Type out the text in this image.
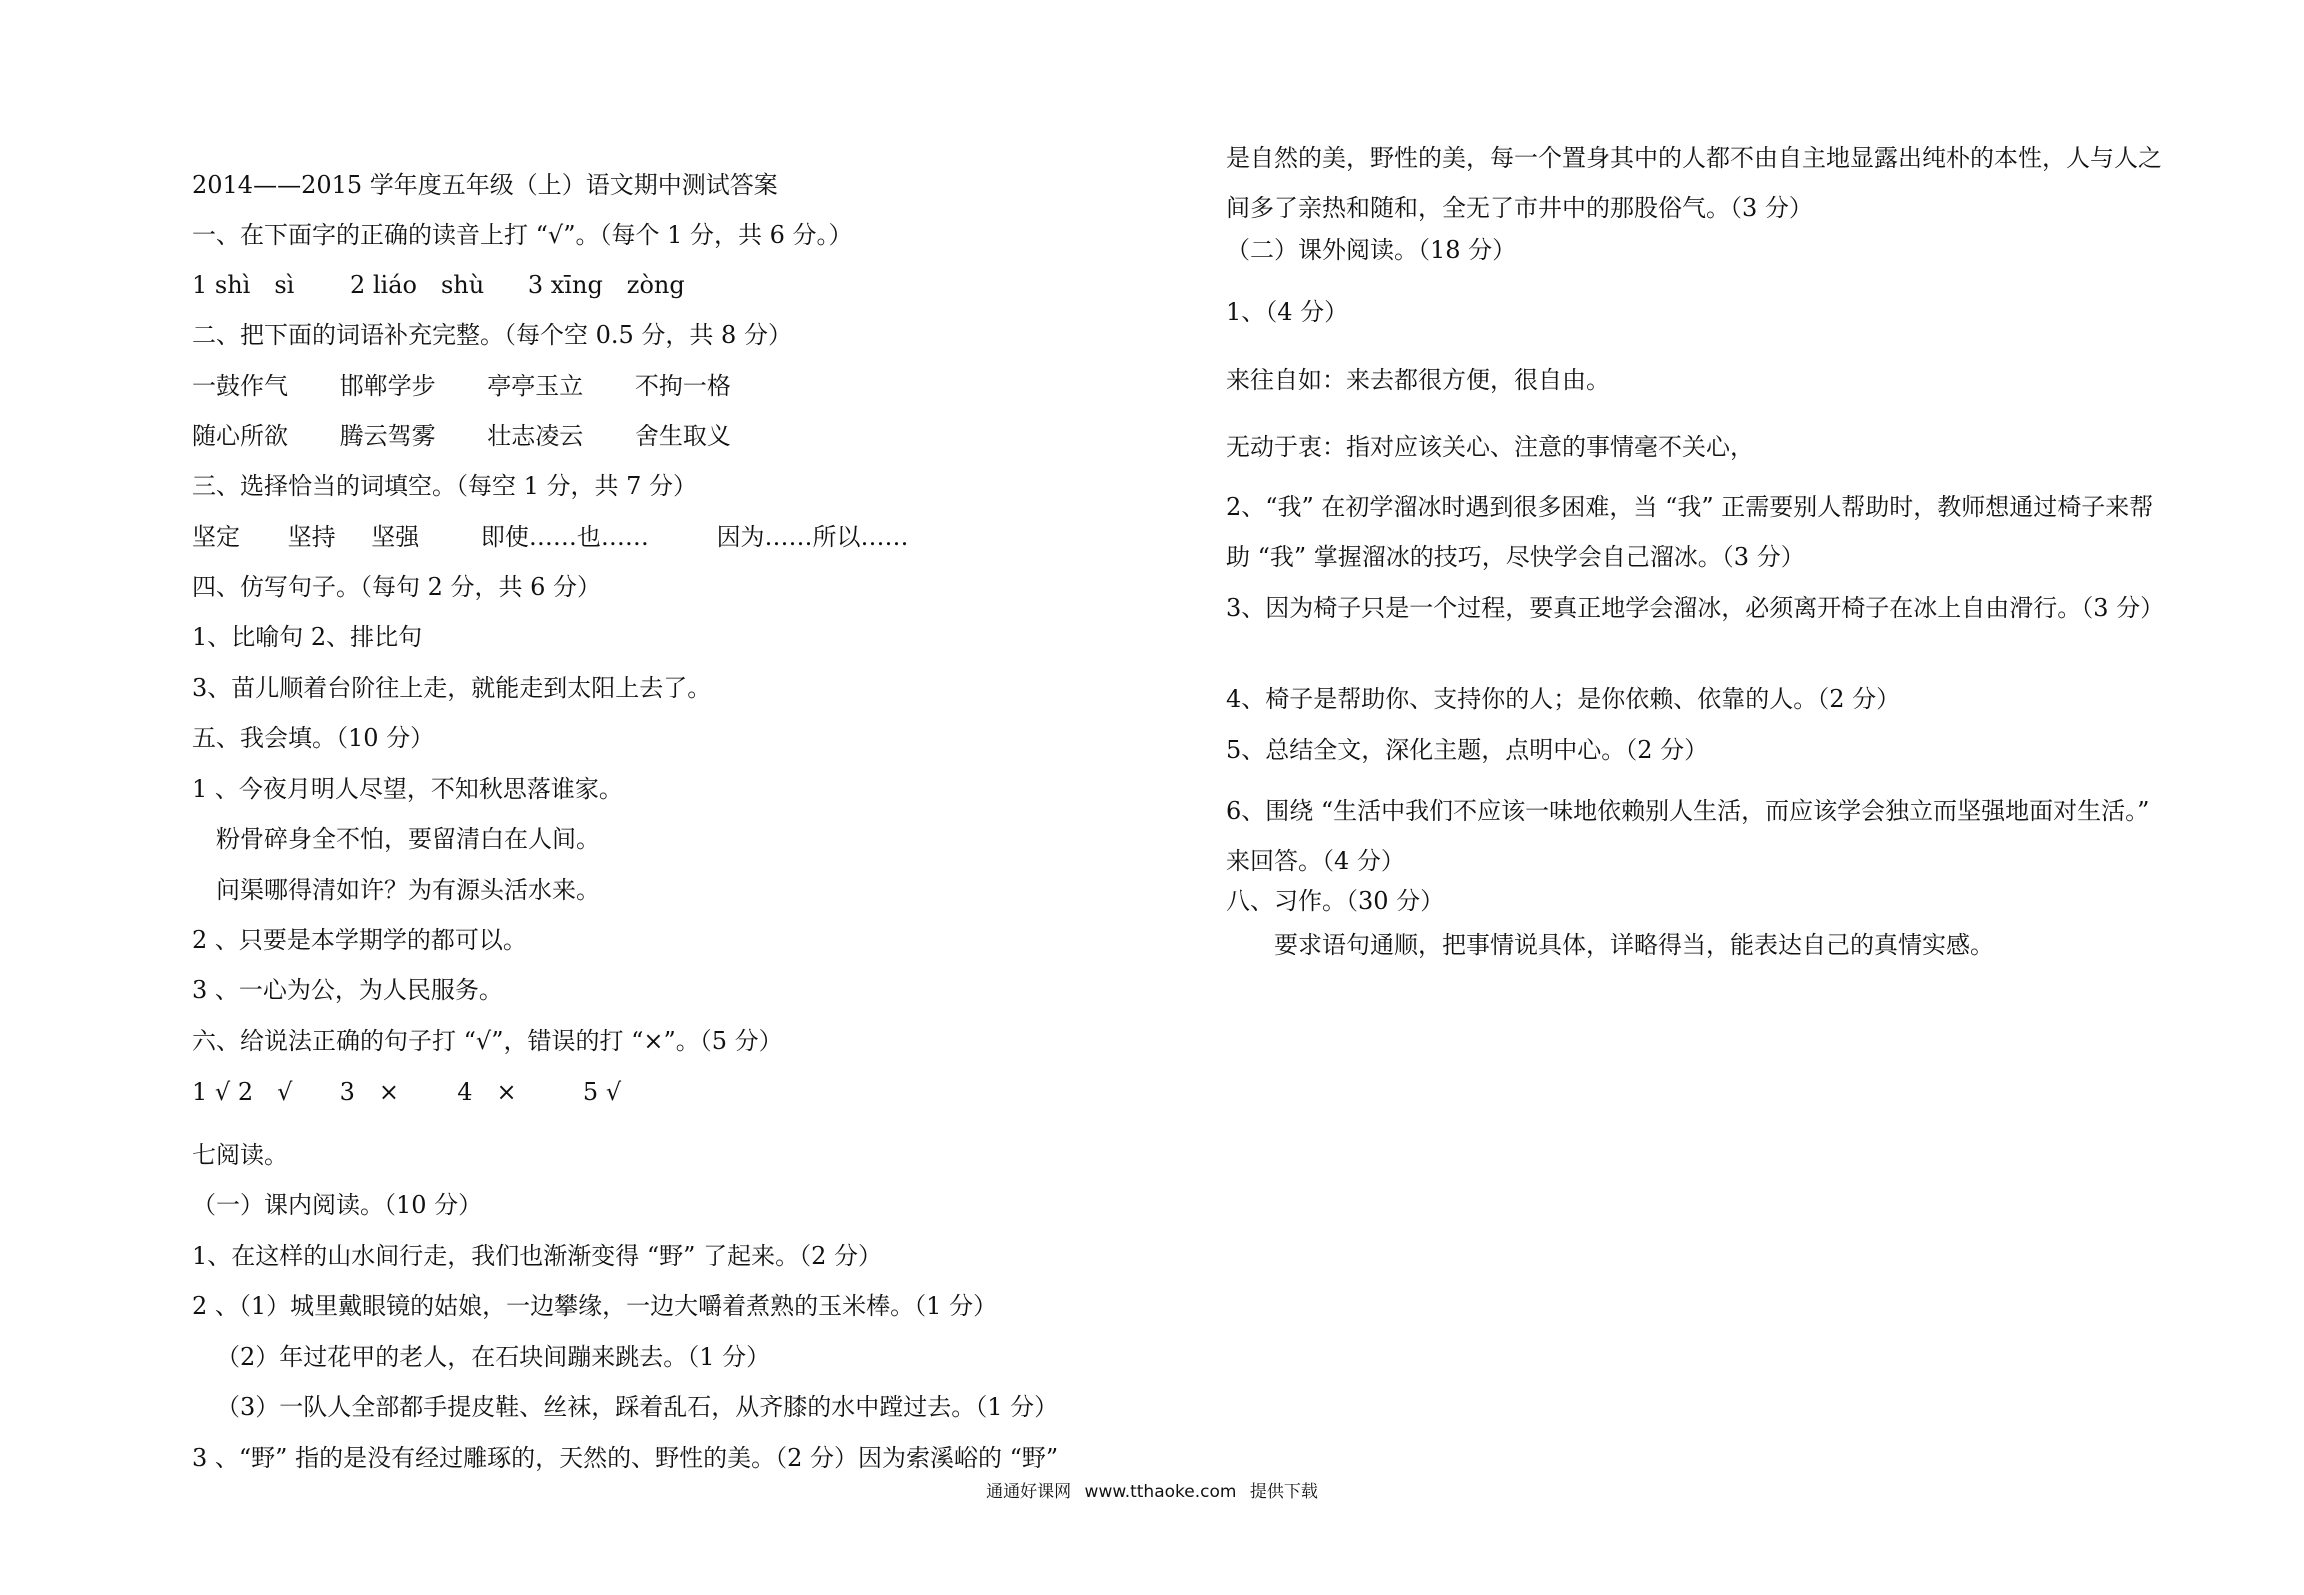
2014——2015 学年度五年级（上）语文期中测试答案
一、在下面字的正确的读音上打 “√”。（每个 1 分，共 6 分。）
1 shì　sì 2 liáo　shù 3 xīng　zòng
二、把下面的词语补充完整。（每个空 0.5 分，共 8 分）
一鼓作气 邯郸学步 亭亭玉立 不拘一格
随心所欲 腾云驾雾 壮志凌云 舍生取义
三、选择恰当的词填空。（每空 1 分，共 7 分）
坚定 坚持 坚强	即使……也……	因为……所以……
四、仿写句子。（每句 2 分，共 6 分）
1、比喻句 2、排比句
3、苗儿顺着台阶往上走，就能走到太阳上去了。
五、我会填。（10 分）
1 、今夜月明人尽望，不知秋思落谁家。
粉骨碎身全不怕，要留清白在人间。
问渠哪得清如许？为有源头活水来。
2 、只要是本学期学的都可以。
3 、一心为公，为人民服务。
六、给说法正确的句子打 “√”，错误的打 “×”。（5 分）
1 √ 2　√ 3　× 4　×	5 √
七阅读。
（一）课内阅读。（10 分）
1、在这样的山水间行走，我们也渐渐变得 “野” 了起来。（2 分）
2 、（1）城里戴眼镜的姑娘，一边攀缘，一边大嚼着煮熟的玉米棒。（1 分）
（2）年过花甲的老人，在石块间蹦来跳去。（1 分）
（3）一队人全部都手提皮鞋、丝袜，踩着乱石，从齐膝的水中蹚过去。（1 分）
3 、“野” 指的是没有经过雕琢的，天然的、野性的美。（2 分）因为索溪峪的 “野”
是自然的美，野性的美，每一个置身其中的人都不由自主地显露出纯朴的本性，人与人之间多了亲热和随和，全无了市井中的那股俗气。（3 分）
（二）课外阅读。（18 分）
1、（4 分）
来往自如：来去都很方便，很自由。
无动于衷：指对应该关心、注意的事情毫不关心，
2、“我” 在初学溜冰时遇到很多困难，当 “我” 正需要别人帮助时，教师想通过椅子来帮助 “我” 掌握溜冰的技巧，尽快学会自己溜冰。（3 分）
3、因为椅子只是一个过程，要真正地学会溜冰，必须离开椅子在冰上自由滑行。（3 分）
4、椅子是帮助你、支持你的人；是你依赖、依靠的人。（2 分）
5、总结全文，深化主题，点明中心。（2 分）
6、围绕 “生活中我们不应该一味地依赖别人生活，而应该学会独立而坚强地面对生活。” 来回答。（4 分）
八、习作。（30 分）
要求语句通顺，把事情说具体，详略得当，能表达自己的真情实感。
通通好课网 www.tthaoke.com 提供下载
